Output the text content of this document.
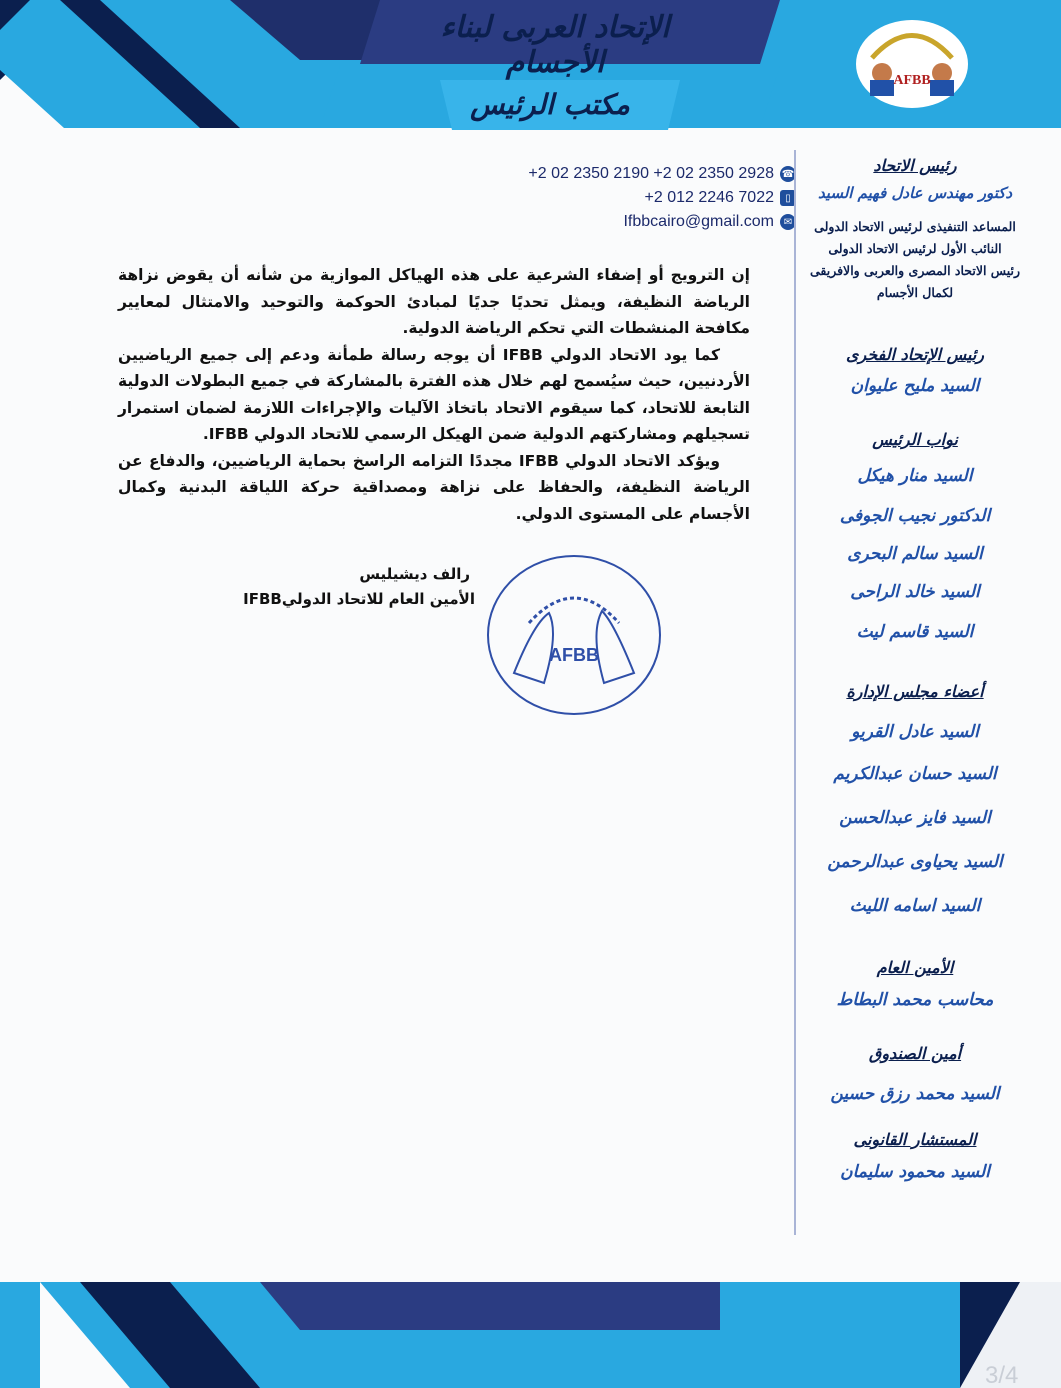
الإتحاد العربى لبناء الأجسام
مكتب الرئيس
AFBB
+2 02 2350 2190 +2 02 2350 2928 ☎
+2 012 2246 7022	▯
Ifbbcairo@gmail.com ✉

إن الترويج أو إضفاء الشرعية على هذه الهياكل الموازية من شأنه أن يقوض نزاهة الرياضة النظيفة، ويمثل تحديًا جديًا لمبادئ الحوكمة والتوحيد والامتثال لمعايير مكافحة المنشطات التي تحكم الرياضة الدولية.

كما يود الاتحاد الدولي IFBB أن يوجه رسالة طمأنة ودعم إلى جميع الرياضيين الأردنيين، حيث سيُسمح لهم خلال هذه الفترة بالمشاركة في جميع البطولات الدولية التابعة للاتحاد، كما سيقوم الاتحاد باتخاذ الآليات والإجراءات اللازمة لضمان استمرار تسجيلهم ومشاركتهم الدولية ضمن الهيكل الرسمي للاتحاد الدولي IFBB.

ويؤكد الاتحاد الدولي IFBB مجددًا التزامه الراسخ بحماية الرياضيين، والدفاع عن الرياضة النظيفة، والحفاظ على نزاهة ومصداقية حركة اللياقة البدنية وكمال الأجسام على المستوى الدولي.

رالف ديشيليس
الأمين العام للاتحاد الدوليIFBB
AFBB
رئيس الاتحاد
دكتور مهندس عادل فهيم السيد
المساعد التنفيذى لرئيس الاتحاد الدولى
النائب الأول لرئيس الاتحاد الدولى
رئيس الاتحاد المصرى والعربى والافريقى
لكمال الأجسام
رئيس الإتحاد الفخرى
السيد مليح عليوان
نواب الرئيس
السيد منار هيكل
الدكتور نجيب الجوفى
السيد سالم البحرى
السيد خالد الراحى
السيد قاسم ليث
أعضاء مجلس الإدارة
السيد عادل القريو
السيد حسان عبدالكريم
السيد فايز عبدالحسن
السيد يحياوى عبدالرحمن
السيد اسامه الليث
الأمين العام
محاسب محمد البطاط
أمين الصندوق
السيد محمد رزق حسين
المستشار القانونى
السيد محمود سليمان
3/4
